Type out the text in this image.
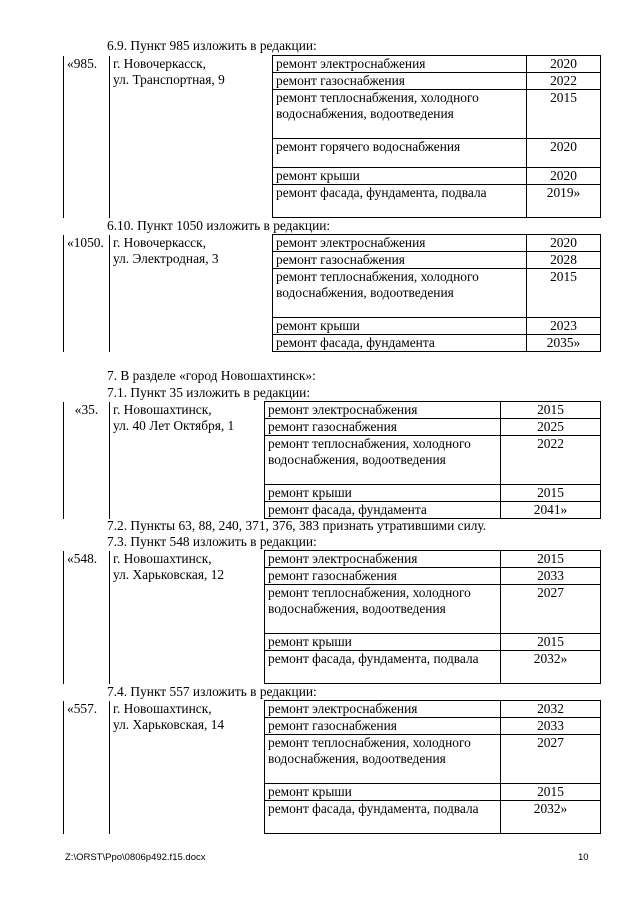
6.9. Пункт 985 изложить в редакции:
«985.	г. Новочеркасск,
ул. Транспортная, 9	ремонт электроснабжения	2020
		ремонт газоснабжения	2022
		ремонт теплоснабжения, холодного водоснабжения, водоотведения	2015
		ремонт горячего водоснабжения	2020
		ремонт крыши	2020
		ремонт фасада, фундамента, подвала	2019»
6.10. Пункт 1050 изложить в редакции:
«1050.	г. Новочеркасск,
ул. Электродная, 3	ремонт электроснабжения	2020
		ремонт газоснабжения	2028
		ремонт теплоснабжения, холодного водоснабжения, водоотведения	2015
		ремонт крыши	2023
		ремонт фасада, фундамента	2035»
7. В разделе «город Новошахтинск»:
7.1. Пункт 35 изложить в редакции:
«35.	г. Новошахтинск,
ул. 40 Лет Октября, 1	ремонт электроснабжения	2015
		ремонт газоснабжения	2025
		ремонт теплоснабжения, холодного водоснабжения, водоотведения	2022
		ремонт крыши	2015
		ремонт фасада, фундамента	2041»
7.2. Пункты 63, 88, 240, 371, 376, 383 признать утратившими силу.
7.3. Пункт 548 изложить в редакции:
«548.	г. Новошахтинск,
ул. Харьковская, 12	ремонт электроснабжения	2015
		ремонт газоснабжения	2033
		ремонт теплоснабжения, холодного водоснабжения, водоотведения	2027
		ремонт крыши	2015
		ремонт фасада, фундамента, подвала	2032»
7.4. Пункт 557 изложить в редакции:
«557.	г. Новошахтинск,
ул. Харьковская, 14	ремонт электроснабжения	2032
		ремонт газоснабжения	2033
		ремонт теплоснабжения, холодного водоснабжения, водоотведения	2027
		ремонт крыши	2015
		ремонт фасада, фундамента, подвала	2032»
Z:\ORST\Ppo\0806p492.f15.docx	10
